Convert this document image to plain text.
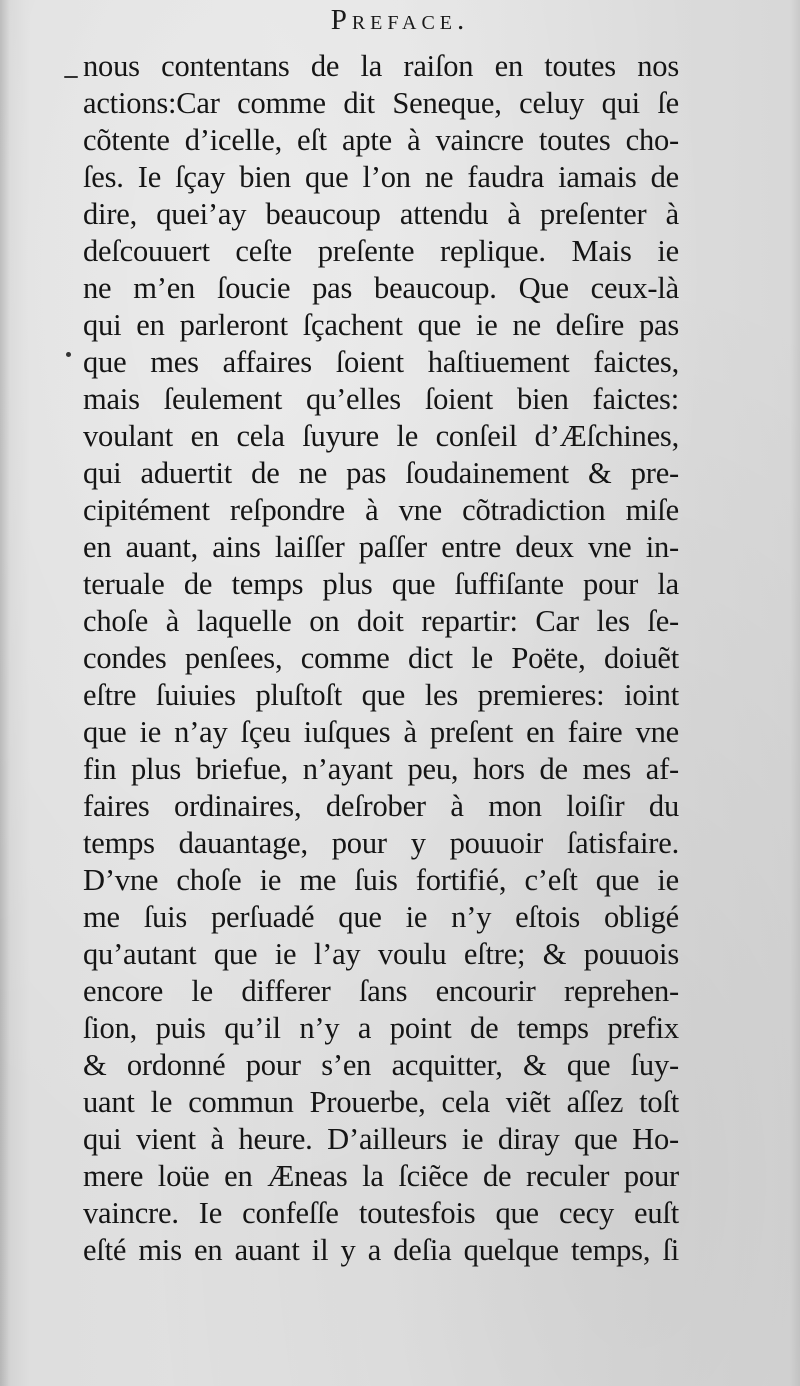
Preface.
nous contentans de la raiſon en toutes nos
actions:Car comme dit Seneque, celuy qui ſe
cõtente d’icelle, eſt apte à vaincre toutes cho-
ſes. Ie ſçay bien que l’on ne faudra iamais de
dire, quei’ay beaucoup attendu à preſenter à
deſcouuert ceſte preſente replique. Mais ie
ne m’en ſoucie pas beaucoup. Que ceux-là
qui en parleront ſçachent que ie ne deſire pas
que mes affaires ſoient haſtiuement faictes,
mais ſeulement qu’elles ſoient bien faictes:
voulant en cela ſuyure le conſeil d’Æſchines,
qui aduertit de ne pas ſoudainement & pre-
cipitément reſpondre à vne cõtradiction miſe
en auant, ains laiſſer paſſer entre deux vne in-
teruale de temps plus que ſuffiſante pour la
choſe à laquelle on doit repartir: Car les ſe-
condes penſees, comme dict le Poëte, doiuẽt
eſtre ſuiuies pluſtoſt que les premieres: ioint
que ie n’ay ſçeu iuſques à preſent en faire vne
fin plus briefue, n’ayant peu, hors de mes af-
faires ordinaires, deſrober à mon loiſir du
temps dauantage, pour y pouuoir ſatisfaire.
D’vne choſe ie me ſuis fortifié, c’eſt que ie
me ſuis perſuadé que ie n’y eſtois obligé
qu’autant que ie l’ay voulu eſtre; & pouuois
encore le differer ſans encourir reprehen-
ſion, puis qu’il n’y a point de temps prefix
& ordonné pour s’en acquitter, & que ſuy-
uant le commun Prouerbe, cela viẽt aſſez toſt
qui vient à heure. D’ailleurs ie diray que Ho-
mere loüe en Æneas la ſciẽce de reculer pour
vaincre. Ie confeſſe toutesfois que cecy euſt
eſté mis en auant il y a deſia quelque temps, ſi
